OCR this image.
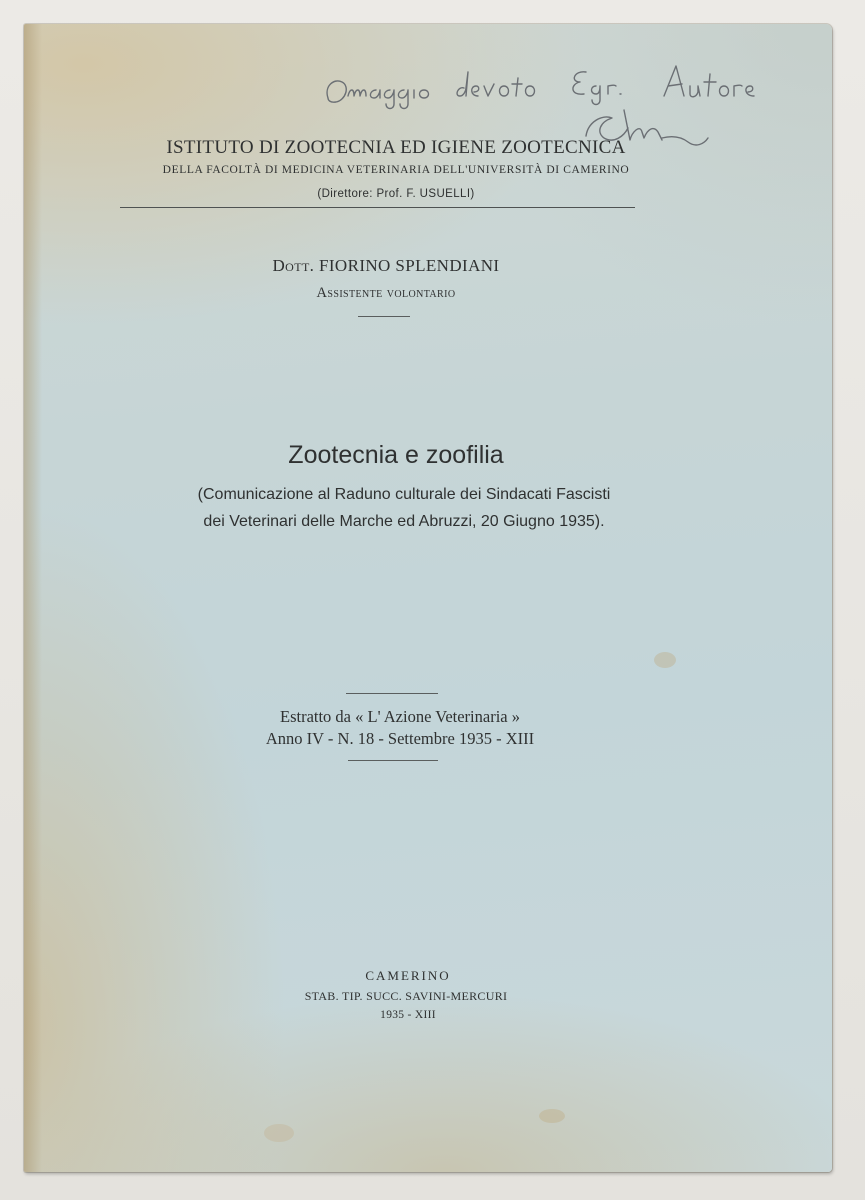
ISTITUTO DI ZOOTECNIA ED IGIENE ZOOTECNICA
DELLA FACOLTÀ DI MEDICINA VETERINARIA DELL'UNIVERSITÀ DI CAMERINO
(Direttore: Prof. F. USUELLI)
Dott. FIORINO SPLENDIANI
Assistente volontario
Zootecnia e zoofilia
(Comunicazione al Raduno culturale dei Sindacati Fascisti
dei Veterinari delle Marche ed Abruzzi, 20 Giugno 1935).
Estratto da « L' Azione Veterinaria »
Anno IV - N. 18 - Settembre 1935 - XIII
CAMERINO
STAB. TIP. SUCC. SAVINI-MERCURI
1935 - XIII
